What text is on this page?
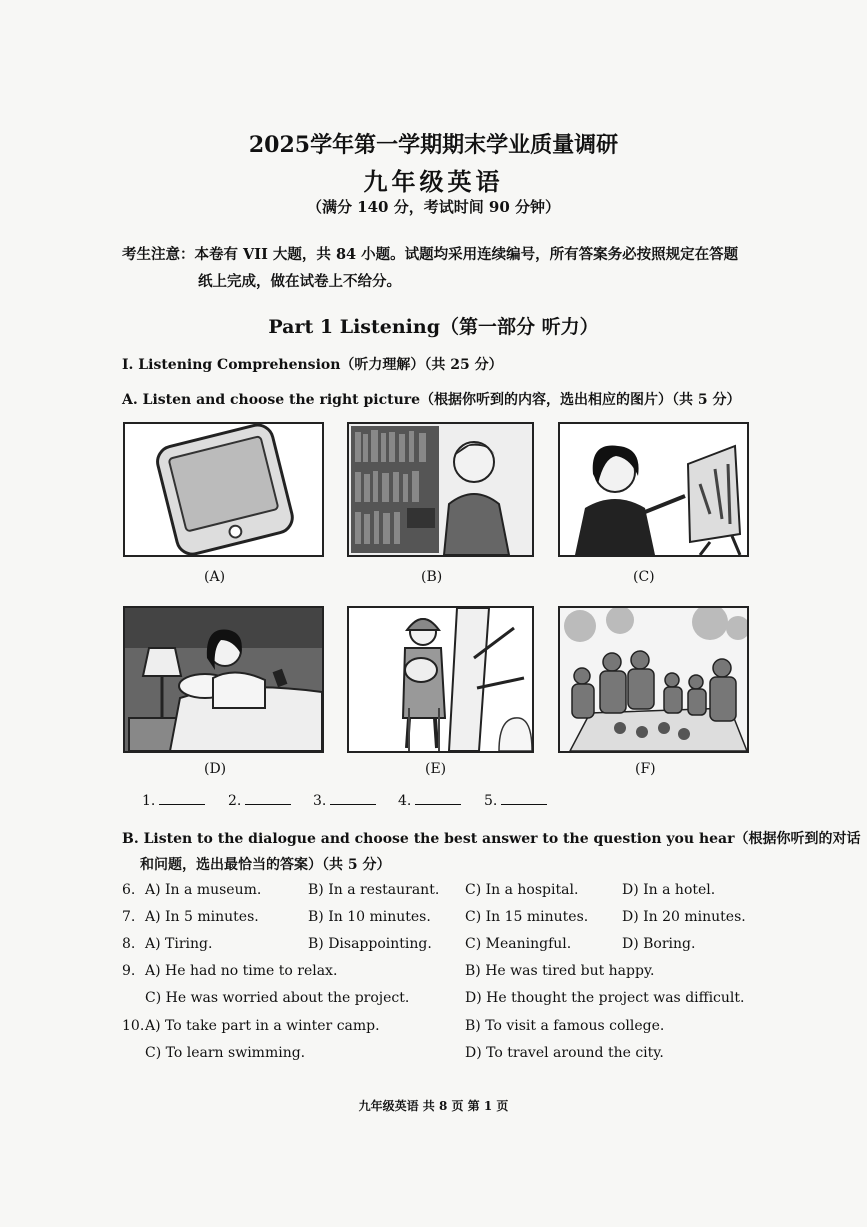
2025学年第一学期期末学业质量调研
九年级英语
（满分 140 分，考试时间 90 分钟）
考生注意：本卷有 VII 大题，共 84 小题。试题均采用连续编号，所有答案务必按照规定在答题
纸上完成，做在试卷上不给分。
Part 1 Listening（第一部分 听力）
I. Listening Comprehension（听力理解）（共 25 分）
A. Listen and choose the right picture（根据你听到的内容，选出相应的图片）（共 5 分）
(A)	(B)	(C)
(D)	(E)	(F)
1.	2.	3.	4.	5.
B. Listen to the dialogue and choose the best answer to the question you hear（根据你听到的对话
和问题，选出最恰当的答案）（共 5 分）
6. A) In a museum.	B) In a restaurant. C) In a hospital.	D) In a hotel.
7. A) In 5 minutes.	B) In 10 minutes. C) In 15 minutes. D) In 20 minutes.
8. A) Tiring.	B) Disappointing. C) Meaningful.	D) Boring.
9. A) He had no time to relax.	B) He was tired but happy.
C) He was worried about the project.	D) He thought the project was difficult.
10. A) To take part in a winter camp.	B) To visit a famous college.
C) To learn swimming.	D) To travel around the city.
九年级英语 共 8 页 第 1 页
